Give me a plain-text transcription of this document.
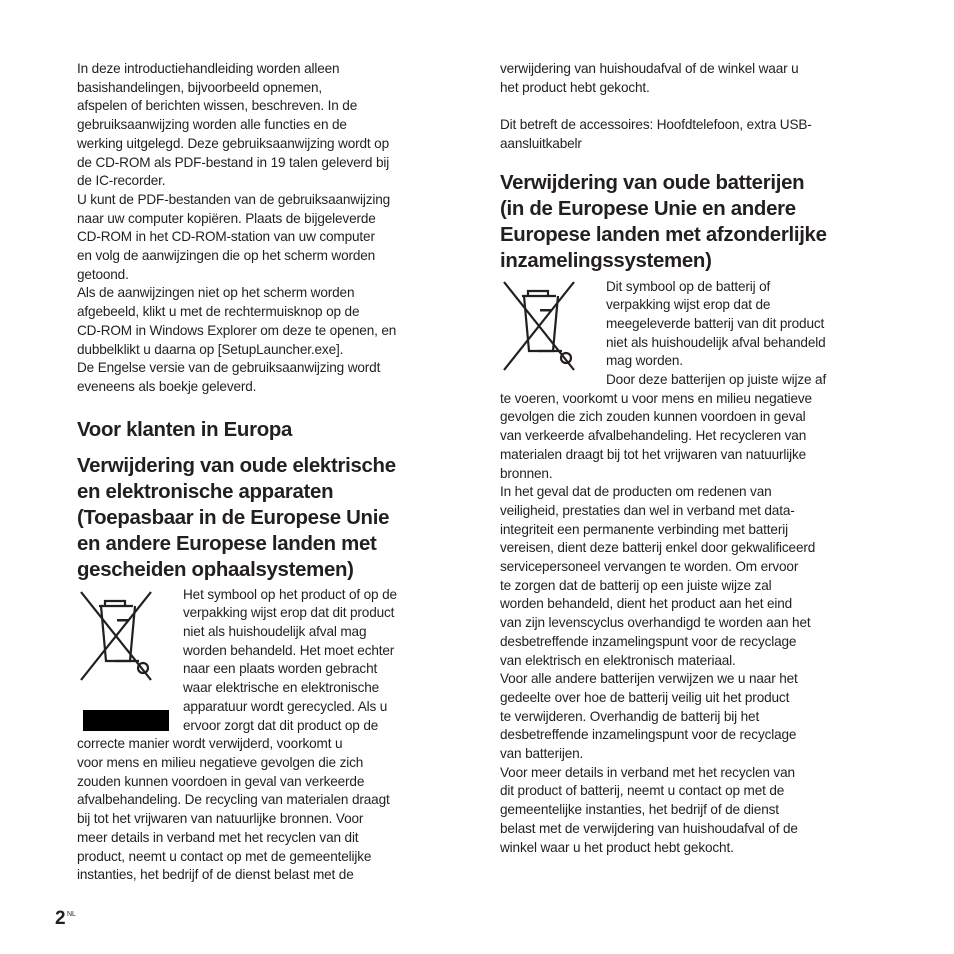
In deze introductiehandleiding worden alleen
basishandelingen, bijvoorbeeld opnemen,
afspelen of berichten wissen, beschreven. In de
gebruiksaanwijzing worden alle functies en de
werking uitgelegd. Deze gebruiksaanwijzing wordt op
de CD-ROM als PDF-bestand in 19 talen geleverd bij
de IC-recorder.
U kunt de PDF-bestanden van de gebruiksaanwijzing
naar uw computer kopiëren. Plaats de bijgeleverde
CD-ROM in het CD-ROM-station van uw computer
en volg de aanwijzingen die op het scherm worden
getoond.
Als de aanwijzingen niet op het scherm worden
afgebeeld, klikt u met de rechtermuisknop op de
CD-ROM in Windows Explorer om deze te openen, en
dubbelklikt u daarna op [SetupLauncher.exe].
De Engelse versie van de gebruiksaanwijzing wordt
eveneens als boekje geleverd.
Voor klanten in Europa
Verwijdering van oude elektrische
en elektronische apparaten
(Toepasbaar in de Europese Unie
en andere Europese landen met
gescheiden ophaalsystemen)
Het symbool op het product of op de
verpakking wijst erop dat dit product
niet als huishoudelijk afval mag
worden behandeld. Het moet echter
naar een plaats worden gebracht
waar elektrische en elektronische
apparatuur wordt gerecycled. Als u
ervoor zorgt dat dit product op de
correcte manier wordt verwijderd, voorkomt u
voor mens en milieu negatieve gevolgen die zich
zouden kunnen voordoen in geval van verkeerde
afvalbehandeling. De recycling van materialen draagt
bij tot het vrijwaren van natuurlijke bronnen. Voor
meer details in verband met het recyclen van dit
product, neemt u contact op met de gemeentelijke
instanties, het bedrijf of de dienst belast met de
verwijdering van huishoudafval of de winkel waar u
het product hebt gekocht.
Dit betreft de accessoires: Hoofdtelefoon, extra USB-
aansluitkabelr
Verwijdering van oude batterijen
(in de Europese Unie en andere
Europese landen met afzonderlijke
inzamelingssystemen)
Dit symbool op de batterij of
verpakking wijst erop dat de
meegeleverde batterij van dit product
niet als huishoudelijk afval behandeld
mag worden.
Door deze batterijen op juiste wijze af
te voeren, voorkomt u voor mens en milieu negatieve
gevolgen die zich zouden kunnen voordoen in geval
van verkeerde afvalbehandeling. Het recycleren van
materialen draagt bij tot het vrijwaren van natuurlijke
bronnen.
In het geval dat de producten om redenen van
veiligheid, prestaties dan wel in verband met data-
integriteit een permanente verbinding met batterij
vereisen, dient deze batterij enkel door gekwalificeerd
servicepersoneel vervangen te worden. Om ervoor
te zorgen dat de batterij op een juiste wijze zal
worden behandeld, dient het product aan het eind
van zijn levenscyclus overhandigd te worden aan het
desbetreffende inzamelingspunt voor de recyclage
van elektrisch en elektronisch materiaal.
Voor alle andere batterijen verwijzen we u naar het
gedeelte over hoe de batterij veilig uit het product
te verwijderen. Overhandig de batterij bij het
desbetreffende inzamelingspunt voor de recyclage
van batterijen.
Voor meer details in verband met het recyclen van
dit product of batterij, neemt u contact op met de
gemeentelijke instanties, het bedrijf of de dienst
belast met de verwijdering van huishoudafval of de
winkel waar u het product hebt gekocht.
2 NL
